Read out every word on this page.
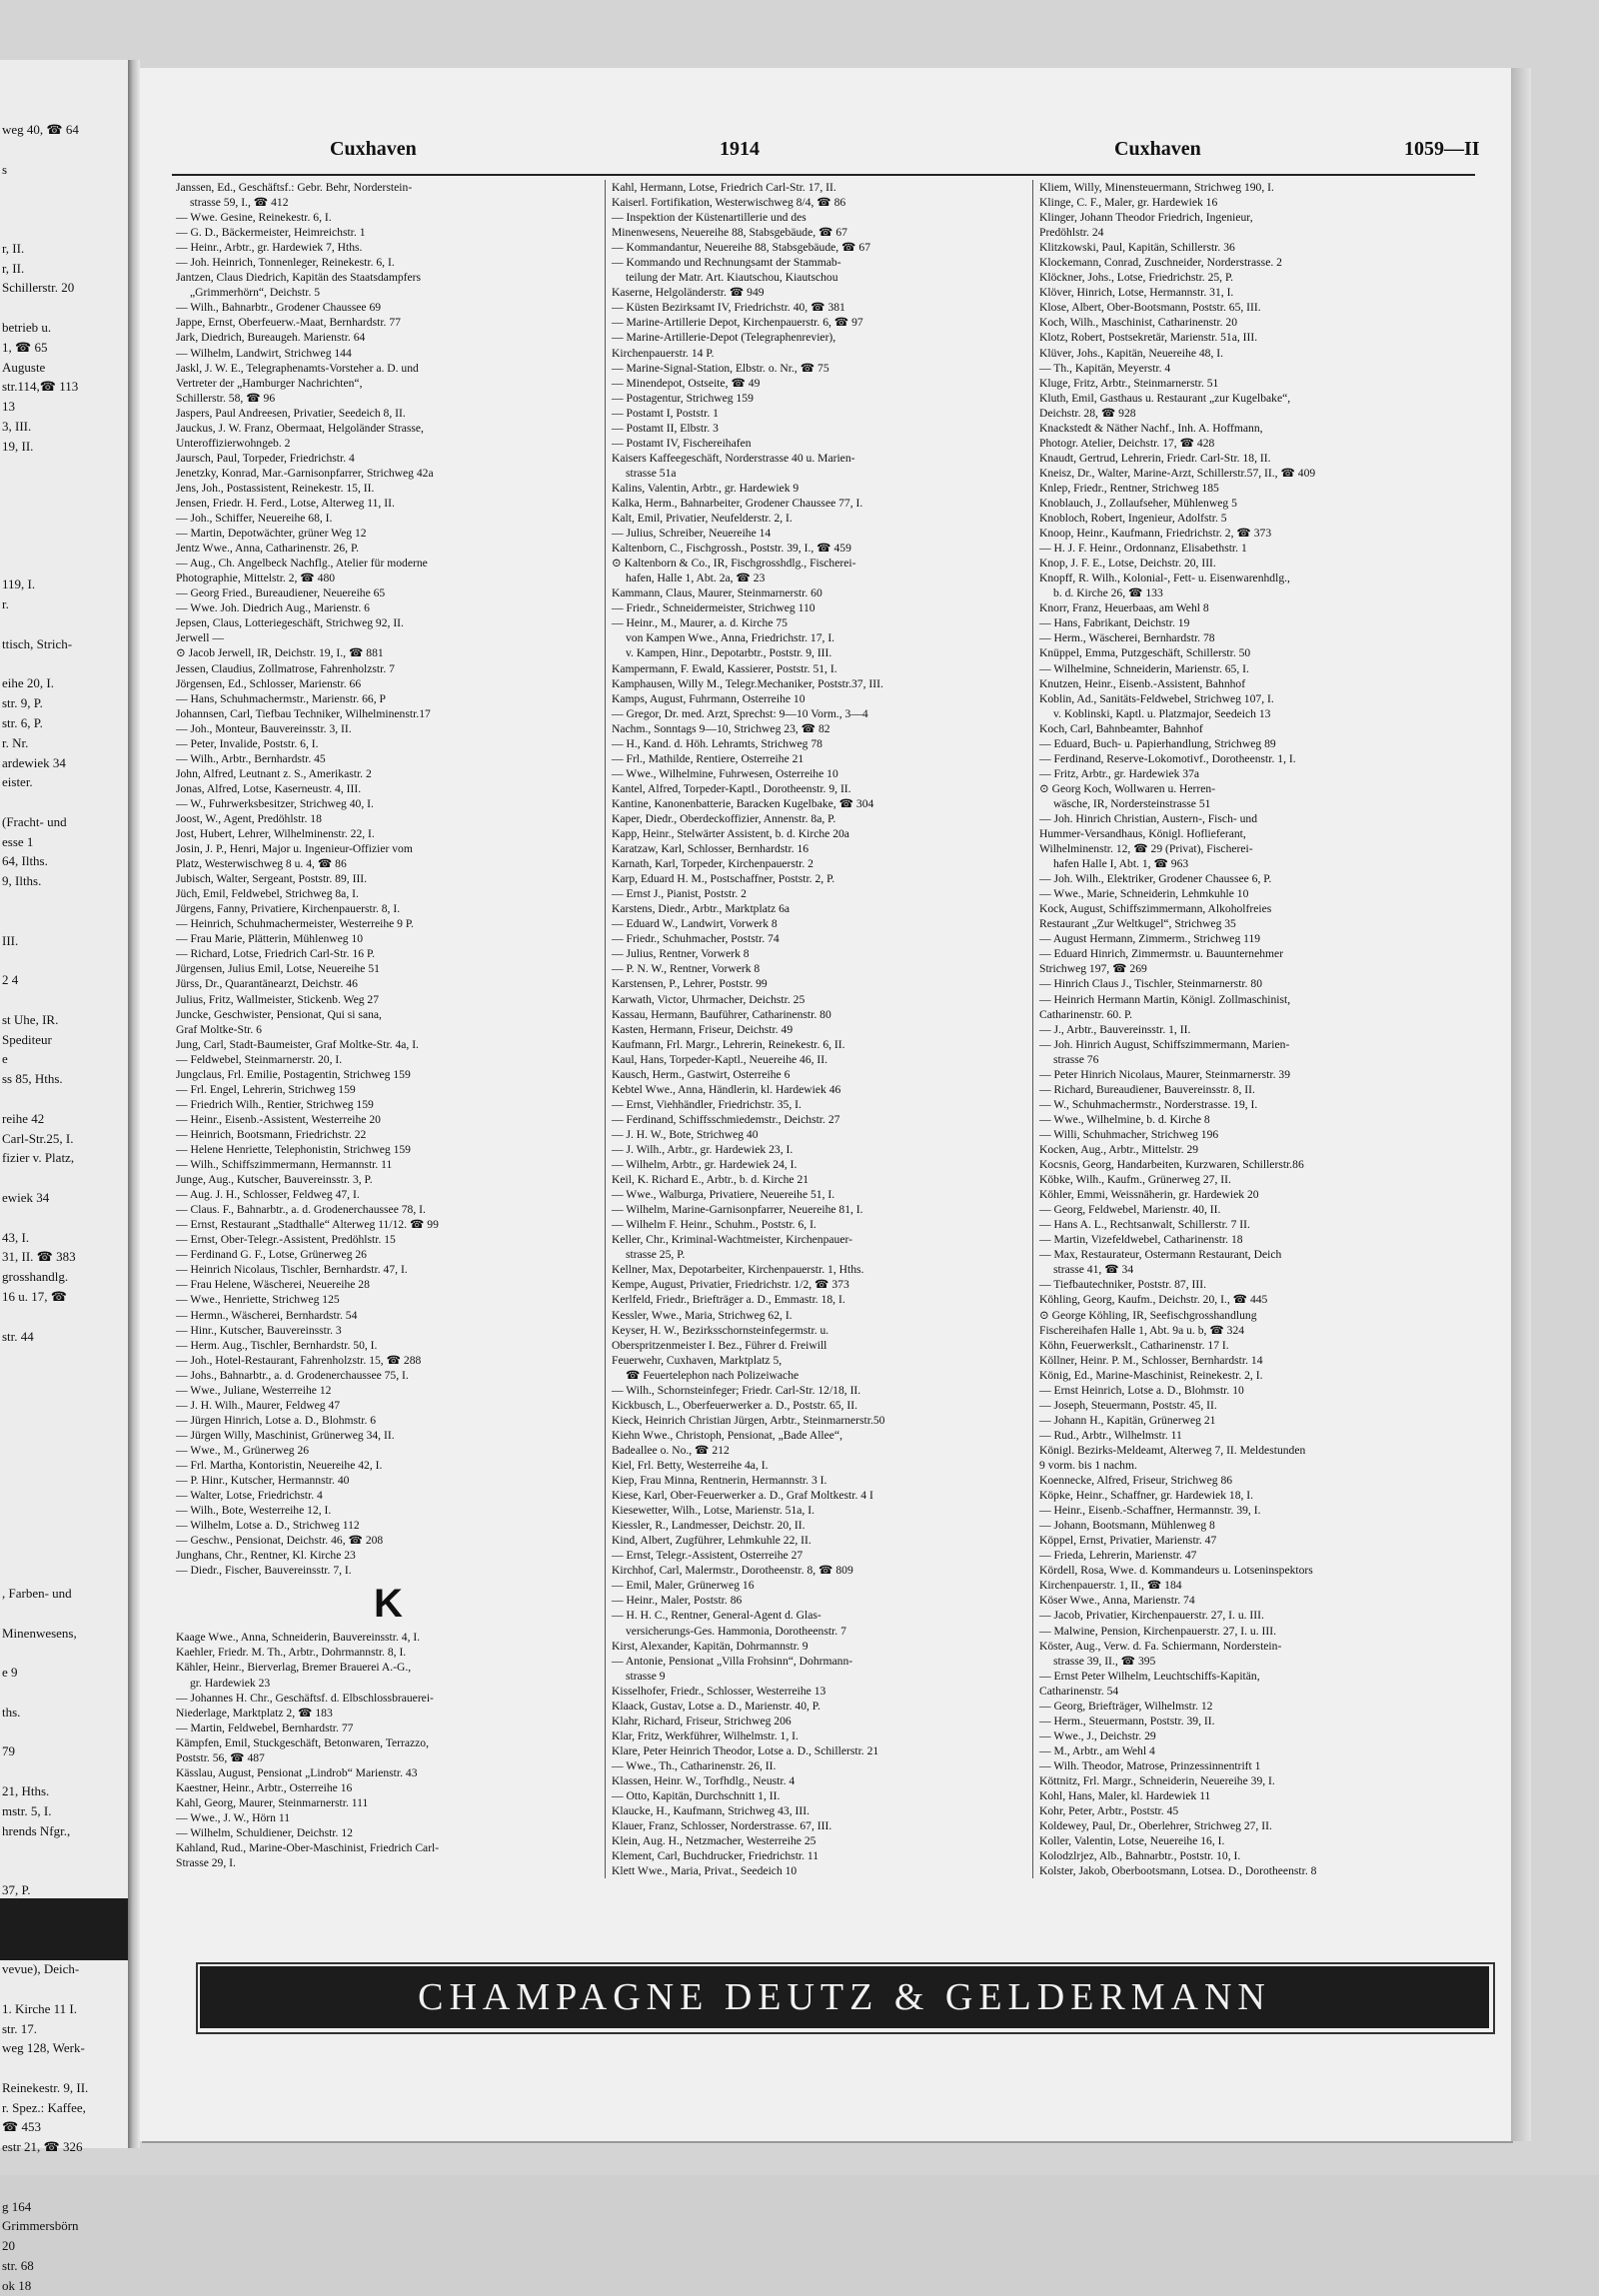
weg 40, ☎ 64

s

r, II.
r, II.
Schillerstr. 20

betrieb u.
1, ☎ 65
Auguste
str.114,☎ 113
13
3, III.
19, II.

119, I.
r.

ttisch, Strich-

eihe 20, I.
str. 9, P.
str. 6, P.
r. Nr.
ardewiek 34
eister.

(Fracht- und
esse 1
64, Ilths.
9, Ilths.

III.

2 4

st Uhe, IR.
Spediteur
e
ss 85, Hths.

reihe 42
Carl-Str.25, I.
fizier v. Platz,

ewiek 34

43, I.
31, II. ☎ 383
grosshandlg.
16 u. 17, ☎

str. 44

, Farben- und

Minenwesens,

e 9

ths.

79

21, Hths.
mstr. 5, I.
hrends Nfgr.,

37, P.

vevue), Deich-

1. Kirche 11 I.
str. 17.
weg 128, Werk-

Reinekestr. 9, II.
r. Spez.: Kaffee,
☎ 453
estr 21, ☎ 326

g 164
Grimmersbörn
20
str. 68
ok 18
Cuxhaven	1914	Cuxhaven	1059—II
Janssen, Ed., Geschäftsf.: Gebr. Behr, Norderstein-
strasse 59, I., ☎ 412
— Wwe. Gesine, Reinekestr. 6, I.
— G. D., Bäckermeister, Heimreichstr. 1
— Heinr., Arbtr., gr. Hardewiek 7, Hths.
— Joh. Heinrich, Tonnenleger, Reinekestr. 6, I.
Jantzen, Claus Diedrich, Kapitän des Staatsdampfers
„Grimmerhörn“, Deichstr. 5
— Wilh., Bahnarbtr., Grodener Chaussee 69
Jappe, Ernst, Oberfeuerw.-Maat, Bernhardstr. 77
Jark, Diedrich, Bureaugeh. Marienstr. 64
— Wilhelm, Landwirt, Strichweg 144
Jaskl, J. W. E., Telegraphenamts-Vorsteher a. D. und
Vertreter der „Hamburger Nachrichten“,
Schillerstr. 58, ☎ 96
Jaspers, Paul Andreesen, Privatier, Seedeich 8, II.
Jauckus, J. W. Franz, Obermaat, Helgoländer Strasse,
Unteroffizierwohngeb. 2
Jaursch, Paul, Torpeder, Friedrichstr. 4
Jenetzky, Konrad, Mar.-Garnisonpfarrer, Strichweg 42a
Jens, Joh., Postassistent, Reinekestr. 15, II.
Jensen, Friedr. H. Ferd., Lotse, Alterweg 11, II.
— Joh., Schiffer, Neuereihe 68, I.
— Martin, Depotwächter, grüner Weg 12
Jentz Wwe., Anna, Catharinenstr. 26, P.
— Aug., Ch. Angelbeck Nachflg., Atelier für moderne
Photographie, Mittelstr. 2, ☎ 480
— Georg Fried., Bureaudiener, Neuereihe 65
— Wwe. Joh. Diedrich Aug., Marienstr. 6
Jepsen, Claus, Lotteriegeschäft, Strichweg 92, II.
Jerwell —
⊙ Jacob Jerwell, IR, Deichstr. 19, I., ☎ 881
Jessen, Claudius, Zollmatrose, Fahrenholzstr. 7
Jörgensen, Ed., Schlosser, Marienstr. 66
— Hans, Schuhmachermstr., Marienstr. 66, P
Johannsen, Carl, Tiefbau Techniker, Wilhelminenstr.17
— Joh., Monteur, Bauvereinsstr. 3, II.
— Peter, Invalide, Poststr. 6, I.
— Wilh., Arbtr., Bernhardstr. 45
John, Alfred, Leutnant z. S., Amerikastr. 2
Jonas, Alfred, Lotse, Kaserneustr. 4, III.
— W., Fuhrwerksbesitzer, Strichweg 40, I.
Joost, W., Agent, Predöhlstr. 18
Jost, Hubert, Lehrer, Wilhelminenstr. 22, I.
Josin, J. P., Henri, Major u. Ingenieur-Offizier vom
Platz, Westerwischweg 8 u. 4, ☎ 86
Jubisch, Walter, Sergeant, Poststr. 89, III.
Jüch, Emil, Feldwebel, Strichweg 8a, I.
Jürgens, Fanny, Privatiere, Kirchenpauerstr. 8, I.
— Heinrich, Schuhmachermeister, Westerreihe 9 P.
— Frau Marie, Plätterin, Mühlenweg 10
— Richard, Lotse, Friedrich Carl-Str. 16 P.
Jürgensen, Julius Emil, Lotse, Neuereihe 51
Jürss, Dr., Quarantänearzt, Deichstr. 46
Julius, Fritz, Wallmeister, Stickenb. Weg 27
Juncke, Geschwister, Pensionat, Qui si sana,
Graf Moltke-Str. 6
Jung, Carl, Stadt-Baumeister, Graf Moltke-Str. 4a, I.
— Feldwebel, Steinmarnerstr. 20, I.
Jungclaus, Frl. Emilie, Postagentin, Strichweg 159
— Frl. Engel, Lehrerin, Strichweg 159
— Friedrich Wilh., Rentier, Strichweg 159
— Heinr., Eisenb.-Assistent, Westerreihe 20
— Heinrich, Bootsmann, Friedrichstr. 22
— Helene Henriette, Telephonistin, Strichweg 159
— Wilh., Schiffszimmermann, Hermannstr. 11
Junge, Aug., Kutscher, Bauvereinsstr. 3, P.
— Aug. J. H., Schlosser, Feldweg 47, I.
— Claus. F., Bahnarbtr., a. d. Grodenerchaussee 78, I.
— Ernst, Restaurant „Stadthalle“ Alterweg 11/12. ☎ 99
— Ernst, Ober-Telegr.-Assistent, Predöhlstr. 15
— Ferdinand G. F., Lotse, Grünerweg 26
— Heinrich Nicolaus, Tischler, Bernhardstr. 47, I.
— Frau Helene, Wäscherei, Neuereihe 28
— Wwe., Henriette, Strichweg 125
— Hermn., Wäscherei, Bernhardstr. 54
— Hinr., Kutscher, Bauvereinsstr. 3
— Herm. Aug., Tischler, Bernhardstr. 50, I.
— Joh., Hotel-Restaurant, Fahrenholzstr. 15, ☎ 288
— Johs., Bahnarbtr., a. d. Grodenerchaussee 75, I.
— Wwe., Juliane, Westerreihe 12
— J. H. Wilh., Maurer, Feldweg 47
— Jürgen Hinrich, Lotse a. D., Blohmstr. 6
— Jürgen Willy, Maschinist, Grünerweg 34, II.
— Wwe., M., Grünerweg 26
— Frl. Martha, Kontoristin, Neuereihe 42, I.
— P. Hinr., Kutscher, Hermannstr. 40
— Walter, Lotse, Friedrichstr. 4
— Wilh., Bote, Westerreihe 12, I.
— Wilhelm, Lotse a. D., Strichweg 112
— Geschw., Pensionat, Deichstr. 46, ☎ 208
Junghans, Chr., Rentner, Kl. Kirche 23
— Diedr., Fischer, Bauvereinsstr. 7, I.
K
Kaage Wwe., Anna, Schneiderin, Bauvereinsstr. 4, I.
Kaehler, Friedr. M. Th., Arbtr., Dohrmannstr. 8, I.
Kähler, Heinr., Bierverlag, Bremer Brauerei A.-G.,
gr. Hardewiek 23
— Johannes H. Chr., Geschäftsf. d. Elbschlossbrauerei-
Niederlage, Marktplatz 2, ☎ 183
— Martin, Feldwebel, Bernhardstr. 77
Kämpfen, Emil, Stuckgeschäft, Betonwaren, Terrazzo,
Poststr. 56, ☎ 487
Kässlau, August, Pensionat „Lindrob“ Marienstr. 43
Kaestner, Heinr., Arbtr., Osterreihe 16
Kahl, Georg, Maurer, Steinmarnerstr. 111
— Wwe., J. W., Hörn 11
— Wilhelm, Schuldiener, Deichstr. 12
Kahland, Rud., Marine-Ober-Maschinist, Friedrich Carl-
Strasse 29, I.
Kahl, Hermann, Lotse, Friedrich Carl-Str. 17, II.
Kaiserl. Fortifikation, Westerwischweg 8/4, ☎ 86
— Inspektion der Küstenartillerie und des
Minenwesens, Neuereihe 88, Stabsgebäude, ☎ 67
— Kommandantur, Neuereihe 88, Stabsgebäude, ☎ 67
— Kommando und Rechnungsamt der Stammab-
teilung der Matr. Art. Kiautschou, Kiautschou
Kaserne, Helgoländerstr. ☎ 949
— Küsten Bezirksamt IV, Friedrichstr. 40, ☎ 381
— Marine-Artillerie Depot, Kirchenpauerstr. 6, ☎ 97
— Marine-Artillerie-Depot (Telegraphenrevier),
Kirchenpauerstr. 14 P.
— Marine-Signal-Station, Elbstr. o. Nr., ☎ 75
— Minendepot, Ostseite, ☎ 49
— Postagentur, Strichweg 159
— Postamt I, Poststr. 1
— Postamt II, Elbstr. 3
— Postamt IV, Fischereihafen
Kaisers Kaffeegeschäft, Norderstrasse 40 u. Marien-
strasse 51a
Kalins, Valentin, Arbtr., gr. Hardewiek 9
Kalka, Herm., Bahnarbeiter, Grodener Chaussee 77, I.
Kalt, Emil, Privatier, Neufelderstr. 2, I.
— Julius, Schreiber, Neuereihe 14
Kaltenborn, C., Fischgrossh., Poststr. 39, I., ☎ 459
⊙ Kaltenborn & Co., IR, Fischgrosshdlg., Fischerei-
hafen, Halle 1, Abt. 2a, ☎ 23
Kammann, Claus, Maurer, Steinmarnerstr. 60
— Friedr., Schneidermeister, Strichweg 110
— Heinr., M., Maurer, a. d. Kirche 75
von Kampen Wwe., Anna, Friedrichstr. 17, I.
v. Kampen, Hinr., Depotarbtr., Poststr. 9, III.
Kampermann, F. Ewald, Kassierer, Poststr. 51, I.
Kamphausen, Willy M., Telegr.Mechaniker, Poststr.37, III.
Kamps, August, Fuhrmann, Osterreihe 10
— Gregor, Dr. med. Arzt, Sprechst: 9—10 Vorm., 3—4
Nachm., Sonntags 9—10, Strichweg 23, ☎ 82
— H., Kand. d. Höh. Lehramts, Strichweg 78
— Frl., Mathilde, Rentiere, Osterreihe 21
— Wwe., Wilhelmine, Fuhrwesen, Osterreihe 10
Kantel, Alfred, Torpeder-Kaptl., Dorotheenstr. 9, II.
Kantine, Kanonenbatterie, Baracken Kugelbake, ☎ 304
Kaper, Diedr., Oberdeckoffizier, Annenstr. 8a, P.
Kapp, Heinr., Stelwärter Assistent, b. d. Kirche 20a
Karatzaw, Karl, Schlosser, Bernhardstr. 16
Karnath, Karl, Torpeder, Kirchenpauerstr. 2
Karp, Eduard H. M., Postschaffner, Poststr. 2, P.
— Ernst J., Pianist, Poststr. 2
Karstens, Diedr., Arbtr., Marktplatz 6a
— Eduard W., Landwirt, Vorwerk 8
— Friedr., Schuhmacher, Poststr. 74
— Julius, Rentner, Vorwerk 8
— P. N. W., Rentner, Vorwerk 8
Karstensen, P., Lehrer, Poststr. 99
Karwath, Victor, Uhrmacher, Deichstr. 25
Kassau, Hermann, Bauführer, Catharinenstr. 80
Kasten, Hermann, Friseur, Deichstr. 49
Kaufmann, Frl. Margr., Lehrerin, Reinekestr. 6, II.
Kaul, Hans, Torpeder-Kaptl., Neuereihe 46, II.
Kausch, Herm., Gastwirt, Osterreihe 6
Kebtel Wwe., Anna, Händlerin, kl. Hardewiek 46
— Ernst, Viehhändler, Friedrichstr. 35, I.
— Ferdinand, Schiffsschmiedemstr., Deichstr. 27
— J. H. W., Bote, Strichweg 40
— J. Wilh., Arbtr., gr. Hardewiek 23, I.
— Wilhelm, Arbtr., gr. Hardewiek 24, I.
Keil, K. Richard E., Arbtr., b. d. Kirche 21
— Wwe., Walburga, Privatiere, Neuereihe 51, I.
— Wilhelm, Marine-Garnisonpfarrer, Neuereihe 81, I.
— Wilhelm F. Heinr., Schuhm., Poststr. 6, I.
Keller, Chr., Kriminal-Wachtmeister, Kirchenpauer-
strasse 25, P.
Kellner, Max, Depotarbeiter, Kirchenpauerstr. 1, Hths.
Kempe, August, Privatier, Friedrichstr. 1/2, ☎ 373
Kerlfeld, Friedr., Briefträger a. D., Emmastr. 18, I.
Kessler, Wwe., Maria, Strichweg 62, I.
Keyser, H. W., Bezirksschornsteinfegermstr. u.
Oberspritzenmeister I. Bez., Führer d. Freiwill
Feuerwehr, Cuxhaven, Marktplatz 5,
☎ Feuertelephon nach Polizeiwache
— Wilh., Schornsteinfeger; Friedr. Carl-Str. 12/18, II.
Kickbusch, L., Oberfeuerwerker a. D., Poststr. 65, II.
Kieck, Heinrich Christian Jürgen, Arbtr., Steinmarnerstr.50
Kiehn Wwe., Christoph, Pensionat, „Bade Allee“,
Badeallee o. No., ☎ 212
Kiel, Frl. Betty, Westerreihe 4a, I.
Kiep, Frau Minna, Rentnerin, Hermannstr. 3 I.
Kiese, Karl, Ober-Feuerwerker a. D., Graf Moltkestr. 4 I
Kiesewetter, Wilh., Lotse, Marienstr. 51a, I.
Kiessler, R., Landmesser, Deichstr. 20, II.
Kind, Albert, Zugführer, Lehmkuhle 22, II.
— Ernst, Telegr.-Assistent, Osterreihe 27
Kirchhof, Carl, Malermstr., Dorotheenstr. 8, ☎ 809
— Emil, Maler, Grünerweg 16
— Heinr., Maler, Poststr. 86
— H. H. C., Rentner, General-Agent d. Glas-
versicherungs-Ges. Hammonia, Dorotheenstr. 7
Kirst, Alexander, Kapitän, Dohrmannstr. 9
— Antonie, Pensionat „Villa Frohsinn“, Dohrmann-
strasse 9
Kisselhofer, Friedr., Schlosser, Westerreihe 13
Klaack, Gustav, Lotse a. D., Marienstr. 40, P.
Klahr, Richard, Friseur, Strichweg 206
Klar, Fritz, Werkführer, Wilhelmstr. 1, I.
Klare, Peter Heinrich Theodor, Lotse a. D., Schillerstr. 21
— Wwe., Th., Catharinenstr. 26, II.
Klassen, Heinr. W., Torfhdlg., Neustr. 4
— Otto, Kapitän, Durchschnitt 1, II.
Klaucke, H., Kaufmann, Strichweg 43, III.
Klauer, Franz, Schlosser, Norderstrasse. 67, III.
Klein, Aug. H., Netzmacher, Westerreihe 25
Klement, Carl, Buchdrucker, Friedrichstr. 11
Klett Wwe., Maria, Privat., Seedeich 10
Kliem, Willy, Minensteuermann, Strichweg 190, I.
Klinge, C. F., Maler, gr. Hardewiek 16
Klinger, Johann Theodor Friedrich, Ingenieur,
Predöhlstr. 24
Klitzkowski, Paul, Kapitän, Schillerstr. 36
Klockemann, Conrad, Zuschneider, Norderstrasse. 2
Klöckner, Johs., Lotse, Friedrichstr. 25, P.
Klöver, Hinrich, Lotse, Hermannstr. 31, I.
Klose, Albert, Ober-Bootsmann, Poststr. 65, III.
Koch, Wilh., Maschinist, Catharinenstr. 20
Klotz, Robert, Postsekretär, Marienstr. 51a, III.
Klüver, Johs., Kapitän, Neuereihe 48, I.
— Th., Kapitän, Meyerstr. 4
Kluge, Fritz, Arbtr., Steinmarnerstr. 51
Kluth, Emil, Gasthaus u. Restaurant „zur Kugelbake“,
Deichstr. 28, ☎ 928
Knackstedt & Näther Nachf., Inh. A. Hoffmann,
Photogr. Atelier, Deichstr. 17, ☎ 428
Knaudt, Gertrud, Lehrerin, Friedr. Carl-Str. 18, II.
Kneisz, Dr., Walter, Marine-Arzt, Schillerstr.57, II., ☎ 409
Knlep, Friedr., Rentner, Strichweg 185
Knoblauch, J., Zollaufseher, Mühlenweg 5
Knobloch, Robert, Ingenieur, Adolfstr. 5
Knoop, Heinr., Kaufmann, Friedrichstr. 2, ☎ 373
— H. J. F. Heinr., Ordonnanz, Elisabethstr. 1
Knop, J. F. E., Lotse, Deichstr. 20, III.
Knopff, R. Wilh., Kolonial-, Fett- u. Eisenwarenhdlg.,
b. d. Kirche 26, ☎ 133
Knorr, Franz, Heuerbaas, am Wehl 8
— Hans, Fabrikant, Deichstr. 19
— Herm., Wäscherei, Bernhardstr. 78
Knüppel, Emma, Putzgeschäft, Schillerstr. 50
— Wilhelmine, Schneiderin, Marienstr. 65, I.
Knutzen, Heinr., Eisenb.-Assistent, Bahnhof
Koblin, Ad., Sanitäts-Feldwebel, Strichweg 107, I.
v. Koblinski, Kaptl. u. Platzmajor, Seedeich 13
Koch, Carl, Bahnbeamter, Bahnhof
— Eduard, Buch- u. Papierhandlung, Strichweg 89
— Ferdinand, Reserve-Lokomotivf., Dorotheenstr. 1, I.
— Fritz, Arbtr., gr. Hardewiek 37a
⊙ Georg Koch, Wollwaren u. Herren-
wäsche, IR, Nordersteinstrasse 51
— Joh. Hinrich Christian, Austern-, Fisch- und
Hummer-Versandhaus, Königl. Hoflieferant,
Wilhelminenstr. 12, ☎ 29 (Privat), Fischerei-
hafen Halle I, Abt. 1, ☎ 963
— Joh. Wilh., Elektriker, Grodener Chaussee 6, P.
— Wwe., Marie, Schneiderin, Lehmkuhle 10
Kock, August, Schiffszimmermann, Alkoholfreies
Restaurant „Zur Weltkugel“, Strichweg 35
— August Hermann, Zimmerm., Strichweg 119
— Eduard Hinrich, Zimmermstr. u. Bauunternehmer
Strichweg 197, ☎ 269
— Hinrich Claus J., Tischler, Steinmarnerstr. 80
— Heinrich Hermann Martin, Königl. Zollmaschinist,
Catharinenstr. 60. P.
— J., Arbtr., Bauvereinsstr. 1, II.
— Joh. Hinrich August, Schiffszimmermann, Marien-
strasse 76
— Peter Hinrich Nicolaus, Maurer, Steinmarnerstr. 39
— Richard, Bureaudiener, Bauvereinsstr. 8, II.
— W., Schuhmachermstr., Norderstrasse. 19, I.
— Wwe., Wilhelmine, b. d. Kirche 8
— Willi, Schuhmacher, Strichweg 196
Kocken, Aug., Arbtr., Mittelstr. 29
Kocsnis, Georg, Handarbeiten, Kurzwaren, Schillerstr.86
Köbke, Wilh., Kaufm., Grünerweg 27, II.
Köhler, Emmi, Weissnäherin, gr. Hardewiek 20
— Georg, Feldwebel, Marienstr. 40, II.
— Hans A. L., Rechtsanwalt, Schillerstr. 7 II.
— Martin, Vizefeldwebel, Catharinenstr. 18
— Max, Restaurateur, Ostermann Restaurant, Deich
strasse 41, ☎ 34
— Tiefbautechniker, Poststr. 87, III.
Köhling, Georg, Kaufm., Deichstr. 20, I., ☎ 445
⊙ George Köhling, IR, Seefischgrosshandlung
Fischereihafen Halle 1, Abt. 9a u. b, ☎ 324
Köhn, Feuerwerkslt., Catharinenstr. 17 I.
Köllner, Heinr. P. M., Schlosser, Bernhardstr. 14
König, Ed., Marine-Maschinist, Reinekestr. 2, I.
— Ernst Heinrich, Lotse a. D., Blohmstr. 10
— Joseph, Steuermann, Poststr. 45, II.
— Johann H., Kapitän, Grünerweg 21
— Rud., Arbtr., Wilhelmstr. 11
Königl. Bezirks-Meldeamt, Alterweg 7, II. Meldestunden
9 vorm. bis 1 nachm.
Koennecke, Alfred, Friseur, Strichweg 86
Köpke, Heinr., Schaffner, gr. Hardewiek 18, I.
— Heinr., Eisenb.-Schaffner, Hermannstr. 39, I.
— Johann, Bootsmann, Mühlenweg 8
Köppel, Ernst, Privatier, Marienstr. 47
— Frieda, Lehrerin, Marienstr. 47
Kördell, Rosa, Wwe. d. Kommandeurs u. Lotseninspektors
Kirchenpauerstr. 1, II., ☎ 184
Köser Wwe., Anna, Marienstr. 74
— Jacob, Privatier, Kirchenpauerstr. 27, I. u. III.
— Malwine, Pension, Kirchenpauerstr. 27, I. u. III.
Köster, Aug., Verw. d. Fa. Schiermann, Norderstein-
strasse 39, II., ☎ 395
— Ernst Peter Wilhelm, Leuchtschiffs-Kapitän,
Catharinenstr. 54
— Georg, Briefträger, Wilhelmstr. 12
— Herm., Steuermann, Poststr. 39, II.
— Wwe., J., Deichstr. 29
— M., Arbtr., am Wehl 4
— Wilh. Theodor, Matrose, Prinzessinnentrift 1
Köttnitz, Frl. Margr., Schneiderin, Neuereihe 39, I.
Kohl, Hans, Maler, kl. Hardewiek 11
Kohr, Peter, Arbtr., Poststr. 45
Koldewey, Paul, Dr., Oberlehrer, Strichweg 27, II.
Koller, Valentin, Lotse, Neuereihe 16, I.
Kolodzlrjez, Alb., Bahnarbtr., Poststr. 10, I.
Kolster, Jakob, Oberbootsmann, Lotsea. D., Dorotheenstr. 8
CHAMPAGNE DEUTZ & GELDERMANN
